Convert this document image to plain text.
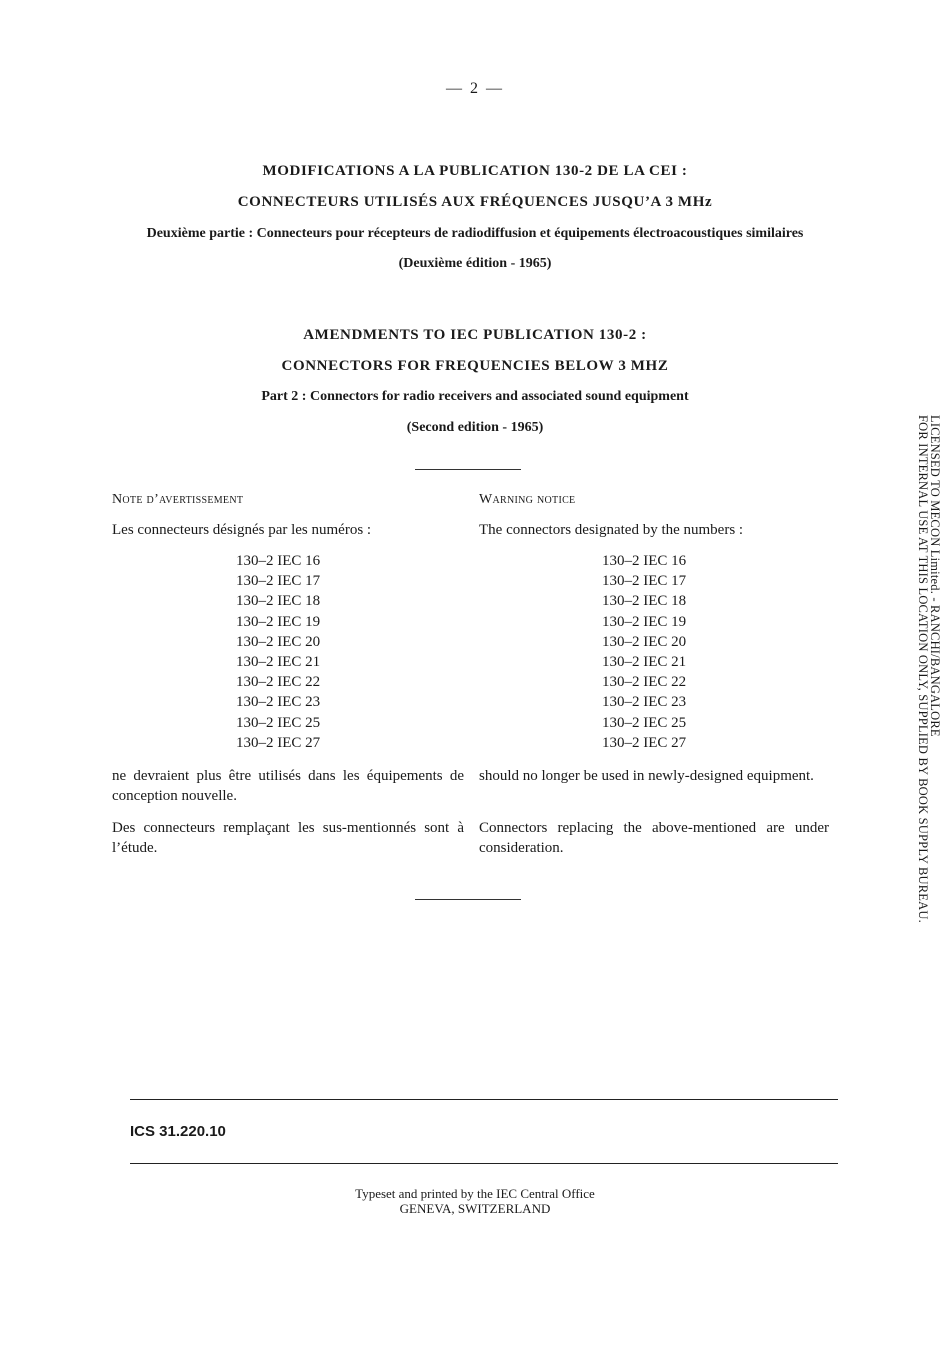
— 2 —
MODIFICATIONS A LA PUBLICATION 130-2 DE LA CEI :
CONNECTEURS UTILISÉS AUX FRÉQUENCES JUSQU’A 3 MHz
Deuxième partie : Connecteurs pour récepteurs de radiodiffusion et équipements électroacoustiques similaires
(Deuxième édition - 1965)
AMENDMENTS TO IEC PUBLICATION 130-2 :
CONNECTORS FOR FREQUENCIES BELOW 3 MHZ
Part 2 : Connectors for radio receivers and associated sound equipment
(Second edition - 1965)
Note d’avertissement
Les connecteurs désignés par les numéros :
130–2 IEC 16
130–2 IEC 17
130–2 IEC 18
130–2 IEC 19
130–2 IEC 20
130–2 IEC 21
130–2 IEC 22
130–2 IEC 23
130–2 IEC 25
130–2 IEC 27
ne devraient plus être utilisés dans les équipements de conception nouvelle.
Des connecteurs remplaçant les sus-mentionnés sont à l’étude.
Warning notice
The connectors designated by the numbers :
130–2 IEC 16
130–2 IEC 17
130–2 IEC 18
130–2 IEC 19
130–2 IEC 20
130–2 IEC 21
130–2 IEC 22
130–2 IEC 23
130–2 IEC 25
130–2 IEC 27
should no longer be used in newly-designed equipment.
Connectors replacing the above-mentioned are under consideration.
ICS 31.220.10
Typeset and printed by the IEC Central Office
GENEVA, SWITZERLAND
LICENSED TO MECON Limited. - RANCHI/BANGALORE
FOR INTERNAL USE AT THIS LOCATION ONLY, SUPPLIED BY BOOK SUPPLY BUREAU.
